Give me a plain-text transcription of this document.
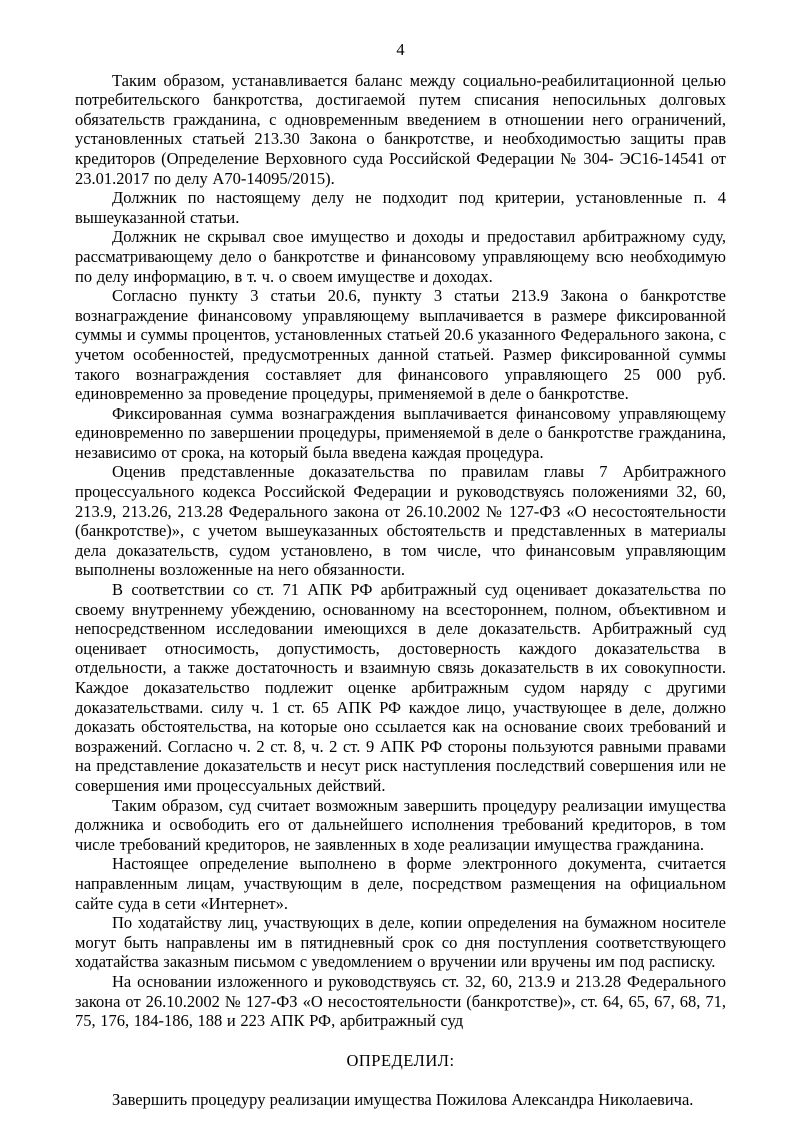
4

Таким образом, устанавливается баланс между социально-реабилитационной целью потребительского банкротства, достигаемой путем списания непосильных долговых обязательств гражданина, с одновременным введением в отношении него ограничений, установленных статьей 213.30 Закона о банкротстве, и необходимостью защиты прав кредиторов (Определение Верховного суда Российской Федерации № 304- ЭС16-14541 от 23.01.2017 по делу А70-14095/2015).

Должник по настоящему делу не подходит под критерии, установленные п. 4 вышеуказанной статьи.

Должник не скрывал свое имущество и доходы и предоставил арбитражному суду, рассматривающему дело о банкротстве и финансовому управляющему всю необходимую по делу информацию, в т. ч. о своем имуществе и доходах.

Согласно пункту 3 статьи 20.6, пункту 3 статьи 213.9 Закона о банкротстве вознаграждение финансовому управляющему выплачивается в размере фиксированной суммы и суммы процентов, установленных статьей 20.6 указанного Федерального закона, с учетом особенностей, предусмотренных данной статьей. Размер фиксированной суммы такого вознаграждения составляет для финансового управляющего 25 000 руб. единовременно за проведение процедуры, применяемой в деле о банкротстве.

Фиксированная сумма вознаграждения выплачивается финансовому управляющему единовременно по завершении процедуры, применяемой в деле о банкротстве гражданина, независимо от срока, на который была введена каждая процедура.

Оценив представленные доказательства по правилам главы 7 Арбитражного процессуального кодекса Российской Федерации и руководствуясь положениями 32, 60, 213.9, 213.26, 213.28 Федерального закона от 26.10.2002 № 127-ФЗ «О несостоятельности (банкротстве)», с учетом вышеуказанных обстоятельств и представленных в материалы дела доказательств, судом установлено, в том числе, что финансовым управляющим выполнены возложенные на него обязанности.

В соответствии со ст. 71 АПК РФ арбитражный суд оценивает доказательства по своему внутреннему убеждению, основанному на всестороннем, полном, объективном и непосредственном исследовании имеющихся в деле доказательств. Арбитражный суд оценивает относимость, допустимость, достоверность каждого доказательства в отдельности, а также достаточность и взаимную связь доказательств в их совокупности. Каждое доказательство подлежит оценке арбитражным судом наряду с другими доказательствами. силу ч. 1 ст. 65 АПК РФ каждое лицо, участвующее в деле, должно доказать обстоятельства, на которые оно ссылается как на основание своих требований и возражений. Согласно ч. 2 ст. 8, ч. 2 ст. 9 АПК РФ стороны пользуются равными правами на представление доказательств и несут риск наступления последствий совершения или не совершения ими процессуальных действий.

Таким образом, суд считает возможным завершить процедуру реализации имущества должника и освободить его от дальнейшего исполнения требований кредиторов, в том числе требований кредиторов, не заявленных в ходе реализации имущества гражданина.

Настоящее определение выполнено в форме электронного документа, считается направленным лицам, участвующим в деле, посредством размещения на официальном сайте суда в сети «Интернет».

По ходатайству лиц, участвующих в деле, копии определения на бумажном носителе могут быть направлены им в пятидневный срок со дня поступления соответствующего ходатайства заказным письмом с уведомлением о вручении или вручены им под расписку.

На основании изложенного и руководствуясь ст. 32, 60, 213.9 и 213.28 Федерального закона от 26.10.2002 № 127-ФЗ «О несостоятельности (банкротстве)», ст. 64, 65, 67, 68, 71, 75, 176, 184-186, 188 и 223 АПК РФ, арбитражный суд

ОПРЕДЕЛИЛ:

Завершить процедуру реализации имущества Пожилова Александра Николаевича.
